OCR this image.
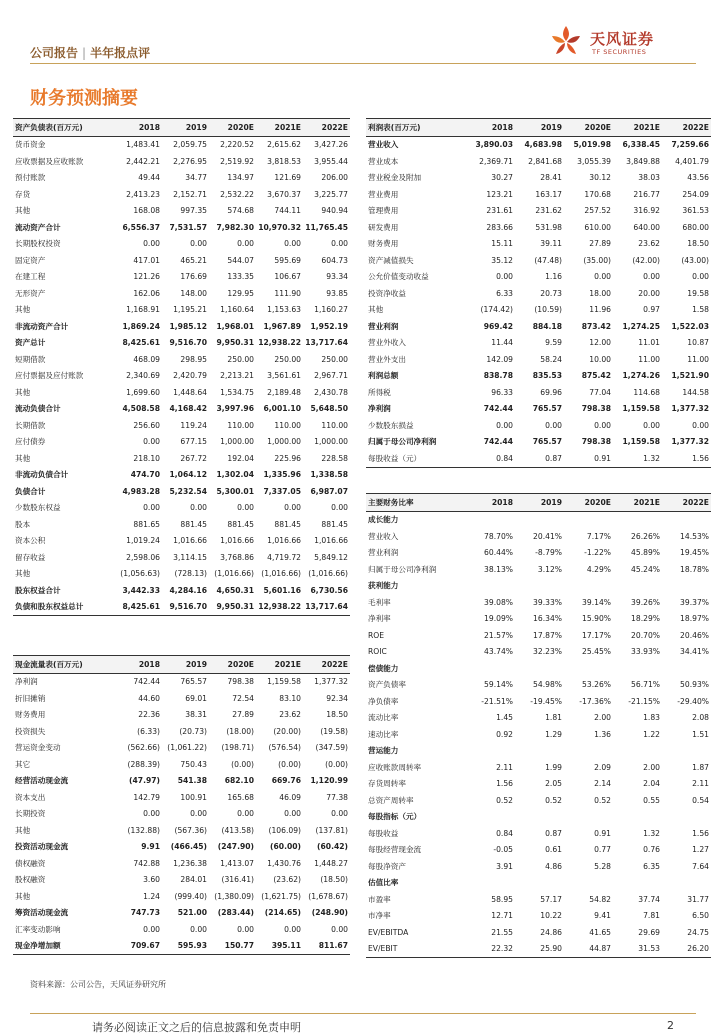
公司报告 | 半年报点评
天风证券
TF SECURITIES
财务预测摘要
资产负债表(百万元)	2018	2019	2020E	2021E	2022E
货币资金	1,483.41	2,059.75	2,220.52	2,615.62	3,427.26
应收票据及应收账款	2,442.21	2,276.95	2,519.92	3,818.53	3,955.44
预付账款	49.44	34.77	134.97	121.69	206.00
存货	2,413.23	2,152.71	2,532.22	3,670.37	3,225.77
其他	168.08	997.35	574.68	744.11	940.94
流动资产合计	6,556.37	7,531.57	7,982.30	10,970.32	11,765.45
长期股权投资	0.00	0.00	0.00	0.00	0.00
固定资产	417.01	465.21	544.07	595.69	604.73
在建工程	121.26	176.69	133.35	106.67	93.34
无形资产	162.06	148.00	129.95	111.90	93.85
其他	1,168.91	1,195.21	1,160.64	1,153.63	1,160.27
非流动资产合计	1,869.24	1,985.12	1,968.01	1,967.89	1,952.19
资产总计	8,425.61	9,516.70	9,950.31	12,938.22	13,717.64
短期借款	468.09	298.95	250.00	250.00	250.00
应付票据及应付账款	2,340.69	2,420.79	2,213.21	3,561.61	2,967.71
其他	1,699.60	1,448.64	1,534.75	2,189.48	2,430.78
流动负债合计	4,508.58	4,168.42	3,997.96	6,001.10	5,648.50
长期借款	256.60	119.24	110.00	110.00	110.00
应付债券	0.00	677.15	1,000.00	1,000.00	1,000.00
其他	218.10	267.72	192.04	225.96	228.58
非流动负债合计	474.70	1,064.12	1,302.04	1,335.96	1,338.58
负债合计	4,983.28	5,232.54	5,300.01	7,337.05	6,987.07
少数股东权益	0.00	0.00	0.00	0.00	0.00
股本	881.65	881.45	881.45	881.45	881.45
资本公积	1,019.24	1,016.66	1,016.66	1,016.66	1,016.66
留存收益	2,598.06	3,114.15	3,768.86	4,719.72	5,849.12
其他	(1,056.63)	(728.13)	(1,016.66)	(1,016.66)	(1,016.66)
股东权益合计	3,442.33	4,284.16	4,650.31	5,601.16	6,730.56
负债和股东权益总计	8,425.61	9,516.70	9,950.31	12,938.22	13,717.64
利润表(百万元)	2018	2019	2020E	2021E	2022E
营业收入	3,890.03	4,683.98	5,019.98	6,338.45	7,259.66
营业成本	2,369.71	2,841.68	3,055.39	3,849.88	4,401.79
营业税金及附加	30.27	28.41	30.12	38.03	43.56
营业费用	123.21	163.17	170.68	216.77	254.09
管理费用	231.61	231.62	257.52	316.92	361.53
研发费用	283.66	531.98	610.00	640.00	680.00
财务费用	15.11	39.11	27.89	23.62	18.50
资产减值损失	35.12	(47.48)	(35.00)	(42.00)	(43.00)
公允价值变动收益	0.00	1.16	0.00	0.00	0.00
投资净收益	6.33	20.73	18.00	20.00	19.58
其他	(174.42)	(10.59)	11.96	0.97	1.58
营业利润	969.42	884.18	873.42	1,274.25	1,522.03
营业外收入	11.44	9.59	12.00	11.01	10.87
营业外支出	142.09	58.24	10.00	11.00	11.00
利润总额	838.78	835.53	875.42	1,274.26	1,521.90
所得税	96.33	69.96	77.04	114.68	144.58
净利润	742.44	765.57	798.38	1,159.58	1,377.32
少数股东损益	0.00	0.00	0.00	0.00	0.00
归属于母公司净利润	742.44	765.57	798.38	1,159.58	1,377.32
每股收益（元）	0.84	0.87	0.91	1.32	1.56
主要财务比率	2018	2019	2020E	2021E	2022E
成长能力					
营业收入	78.70%	20.41%	7.17%	26.26%	14.53%
营业利润	60.44%	-8.79%	-1.22%	45.89%	19.45%
归属于母公司净利润	38.13%	3.12%	4.29%	45.24%	18.78%
获利能力					
毛利率	39.08%	39.33%	39.14%	39.26%	39.37%
净利率	19.09%	16.34%	15.90%	18.29%	18.97%
ROE	21.57%	17.87%	17.17%	20.70%	20.46%
ROIC	43.74%	32.23%	25.45%	33.93%	34.41%
偿债能力					
资产负债率	59.14%	54.98%	53.26%	56.71%	50.93%
净负债率	-21.51%	-19.45%	-17.36%	-21.15%	-29.40%
流动比率	1.45	1.81	2.00	1.83	2.08
速动比率	0.92	1.29	1.36	1.22	1.51
营运能力					
应收账款周转率	2.11	1.99	2.09	2.00	1.87
存货周转率	1.56	2.05	2.14	2.04	2.11
总资产周转率	0.52	0.52	0.52	0.55	0.54
每股指标（元）					
每股收益	0.84	0.87	0.91	1.32	1.56
每股经营现金流	-0.05	0.61	0.77	0.76	1.27
每股净资产	3.91	4.86	5.28	6.35	7.64
估值比率					
市盈率	58.95	57.17	54.82	37.74	31.77
市净率	12.71	10.22	9.41	7.81	6.50
EV/EBITDA	21.55	24.86	41.65	29.69	24.75
EV/EBIT	22.32	25.90	44.87	31.53	26.20
现金流量表(百万元)	2018	2019	2020E	2021E	2022E
净利润	742.44	765.57	798.38	1,159.58	1,377.32
折旧摊销	44.60	69.01	72.54	83.10	92.34
财务费用	22.36	38.31	27.89	23.62	18.50
投资损失	(6.33)	(20.73)	(18.00)	(20.00)	(19.58)
营运资金变动	(562.66)	(1,061.22)	(198.71)	(576.54)	(347.59)
其它	(288.39)	750.43	(0.00)	(0.00)	(0.00)
经营活动现金流	(47.97)	541.38	682.10	669.76	1,120.99
资本支出	142.79	100.91	165.68	46.09	77.38
长期投资	0.00	0.00	0.00	0.00	0.00
其他	(132.88)	(567.36)	(413.58)	(106.09)	(137.81)
投资活动现金流	9.91	(466.45)	(247.90)	(60.00)	(60.42)
债权融资	742.88	1,236.38	1,413.07	1,430.76	1,448.27
股权融资	3.60	284.01	(316.41)	(23.62)	(18.50)
其他	1.24	(999.40)	(1,380.09)	(1,621.75)	(1,678.67)
筹资活动现金流	747.73	521.00	(283.44)	(214.65)	(248.90)
汇率变动影响	0.00	0.00	0.00	0.00	0.00
现金净增加额	709.67	595.93	150.77	395.11	811.67
资料来源：公司公告，天风证券研究所
请务必阅读正文之后的信息披露和免责申明	2
